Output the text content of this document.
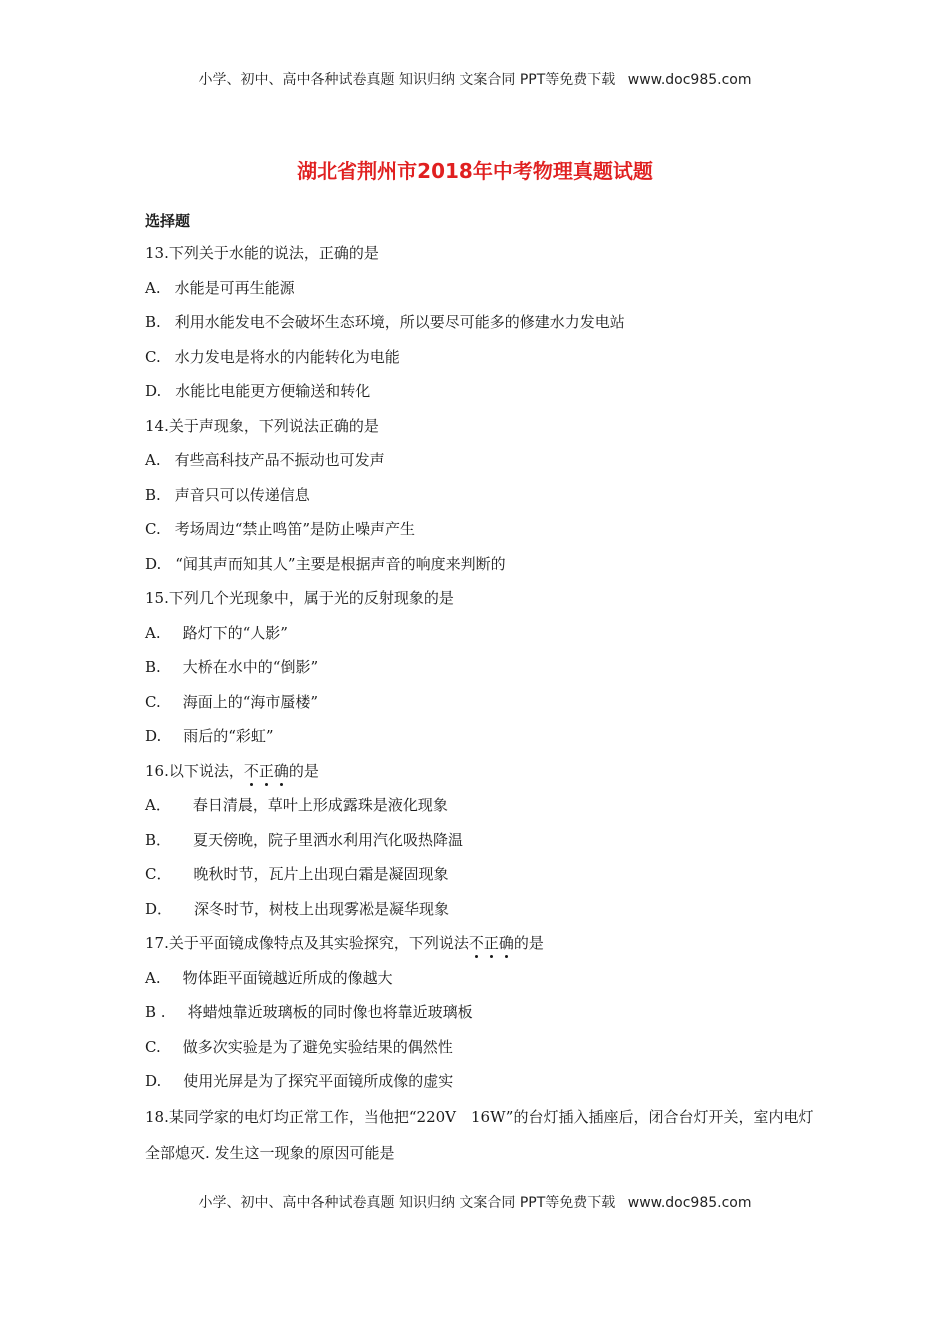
小学、初中、高中各种试卷真题 知识归纳 文案合同 PPT等免费下载 www.doc985.com
湖北省荆州市2018年中考物理真题试题
选择题
13.下列关于水能的说法，正确的是
A. 水能是可再生能源
B. 利用水能发电不会破坏生态环境，所以要尽可能多的修建水力发电站
C. 水力发电是将水的内能转化为电能
D. 水能比电能更方便输送和转化
14.关于声现象，下列说法正确的是
A. 有些高科技产品不振动也可发声
B. 声音只可以传递信息
C. 考场周边“禁止鸣笛”是防止噪声产生
D. “闻其声而知其人”主要是根据声音的响度来判断的
15.下列几个光现象中，属于光的反射现象的是
A. 路灯下的“人影”
B. 大桥在水中的“倒影”
C. 海面上的“海市蜃楼”
D. 雨后的“彩虹”
16.以下说法，不正确的是
A． 春日清晨，草叶上形成露珠是液化现象
B． 夏天傍晚，院子里洒水利用汽化吸热降温
C． 晚秋时节，瓦片上出现白霜是凝固现象
D． 深冬时节，树枝上出现雾凇是凝华现象
17.关于平面镜成像特点及其实验探究，下列说法不正确的是
A. 物体距平面镜越近所成的像越大
B . 将蜡烛靠近玻璃板的同时像也将靠近玻璃板
C. 做多次实验是为了避免实验结果的偶然性
D. 使用光屏是为了探究平面镜所成像的虚实
18.某同学家的电灯均正常工作，当他把“220V　16W”的台灯插入插座后，闭合台灯开关，室内电灯全部熄灭. 发生这一现象的原因可能是
小学、初中、高中各种试卷真题 知识归纳 文案合同 PPT等免费下载 www.doc985.com
